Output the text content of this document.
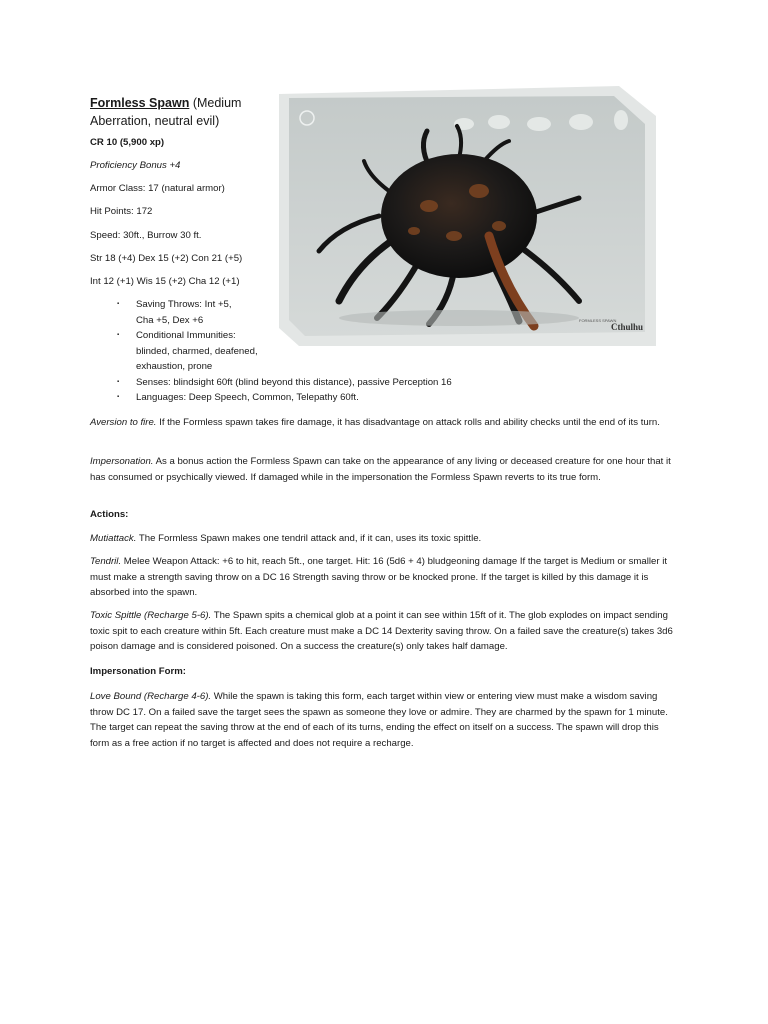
Formless Spawn (Medium
Aberration, neutral evil)
CR 10 (5,900 xp)
Proficiency Bonus +4
Armor Class: 17 (natural armor)
Hit Points: 172
Speed: 30ft., Burrow 30 ft.
Str 18 (+4) Dex 15 (+2) Con 21 (+5)
Int 12 (+1) Wis 15 (+2) Cha 12 (+1)
▪	Saving Throws: Int +5,
Cha +5, Dex +6
▪	Conditional Immunities:
blinded, charmed, deafened,
exhaustion, prone
▪	Senses: blindsight 60ft (blind beyond this distance), passive Perception 16
▪	Languages: Deep Speech, Common, Telepathy 60ft.
FORMLESS SPAWN
Cthulhu
Aversion to fire. If the Formless spawn takes fire damage, it has disadvantage on attack rolls and ability checks until the end of its turn.
Impersonation. As a bonus action the Formless Spawn can take on the appearance of any living or deceased creature for one hour that it has consumed or psychically viewed. If damaged while in the impersonation the Formless Spawn reverts to its true form.
Actions:
Mutiattack. The Formless Spawn makes one tendril attack and, if it can, uses its toxic spittle.
Tendril. Melee Weapon Attack: +6 to hit, reach 5ft., one target. Hit: 16 (5d6 + 4) bludgeoning damage If the target is Medium or smaller it must make a strength saving throw on a DC 16 Strength saving throw or be knocked prone. If the target is killed by this damage it is absorbed into the spawn.
Toxic Spittle (Recharge 5-6). The Spawn spits a chemical glob at a point it can see within 15ft of it. The glob explodes on impact sending toxic spit to each creature within 5ft. Each creature must make a DC 14 Dexterity saving throw. On a failed save the creature(s) takes 3d6 poison damage and is considered poisoned. On a success the creature(s) only takes half damage.
Impersonation Form:
Love Bound (Recharge 4-6). While the spawn is taking this form, each target within view or entering view must make a wisdom saving throw DC 17. On a failed save the target sees the spawn as someone they love or admire. They are charmed by the spawn for 1 minute. The target can repeat the saving throw at the end of each of its turns, ending the effect on itself on a success. The spawn will drop this form as a free action if no target is affected and does not require a recharge.
